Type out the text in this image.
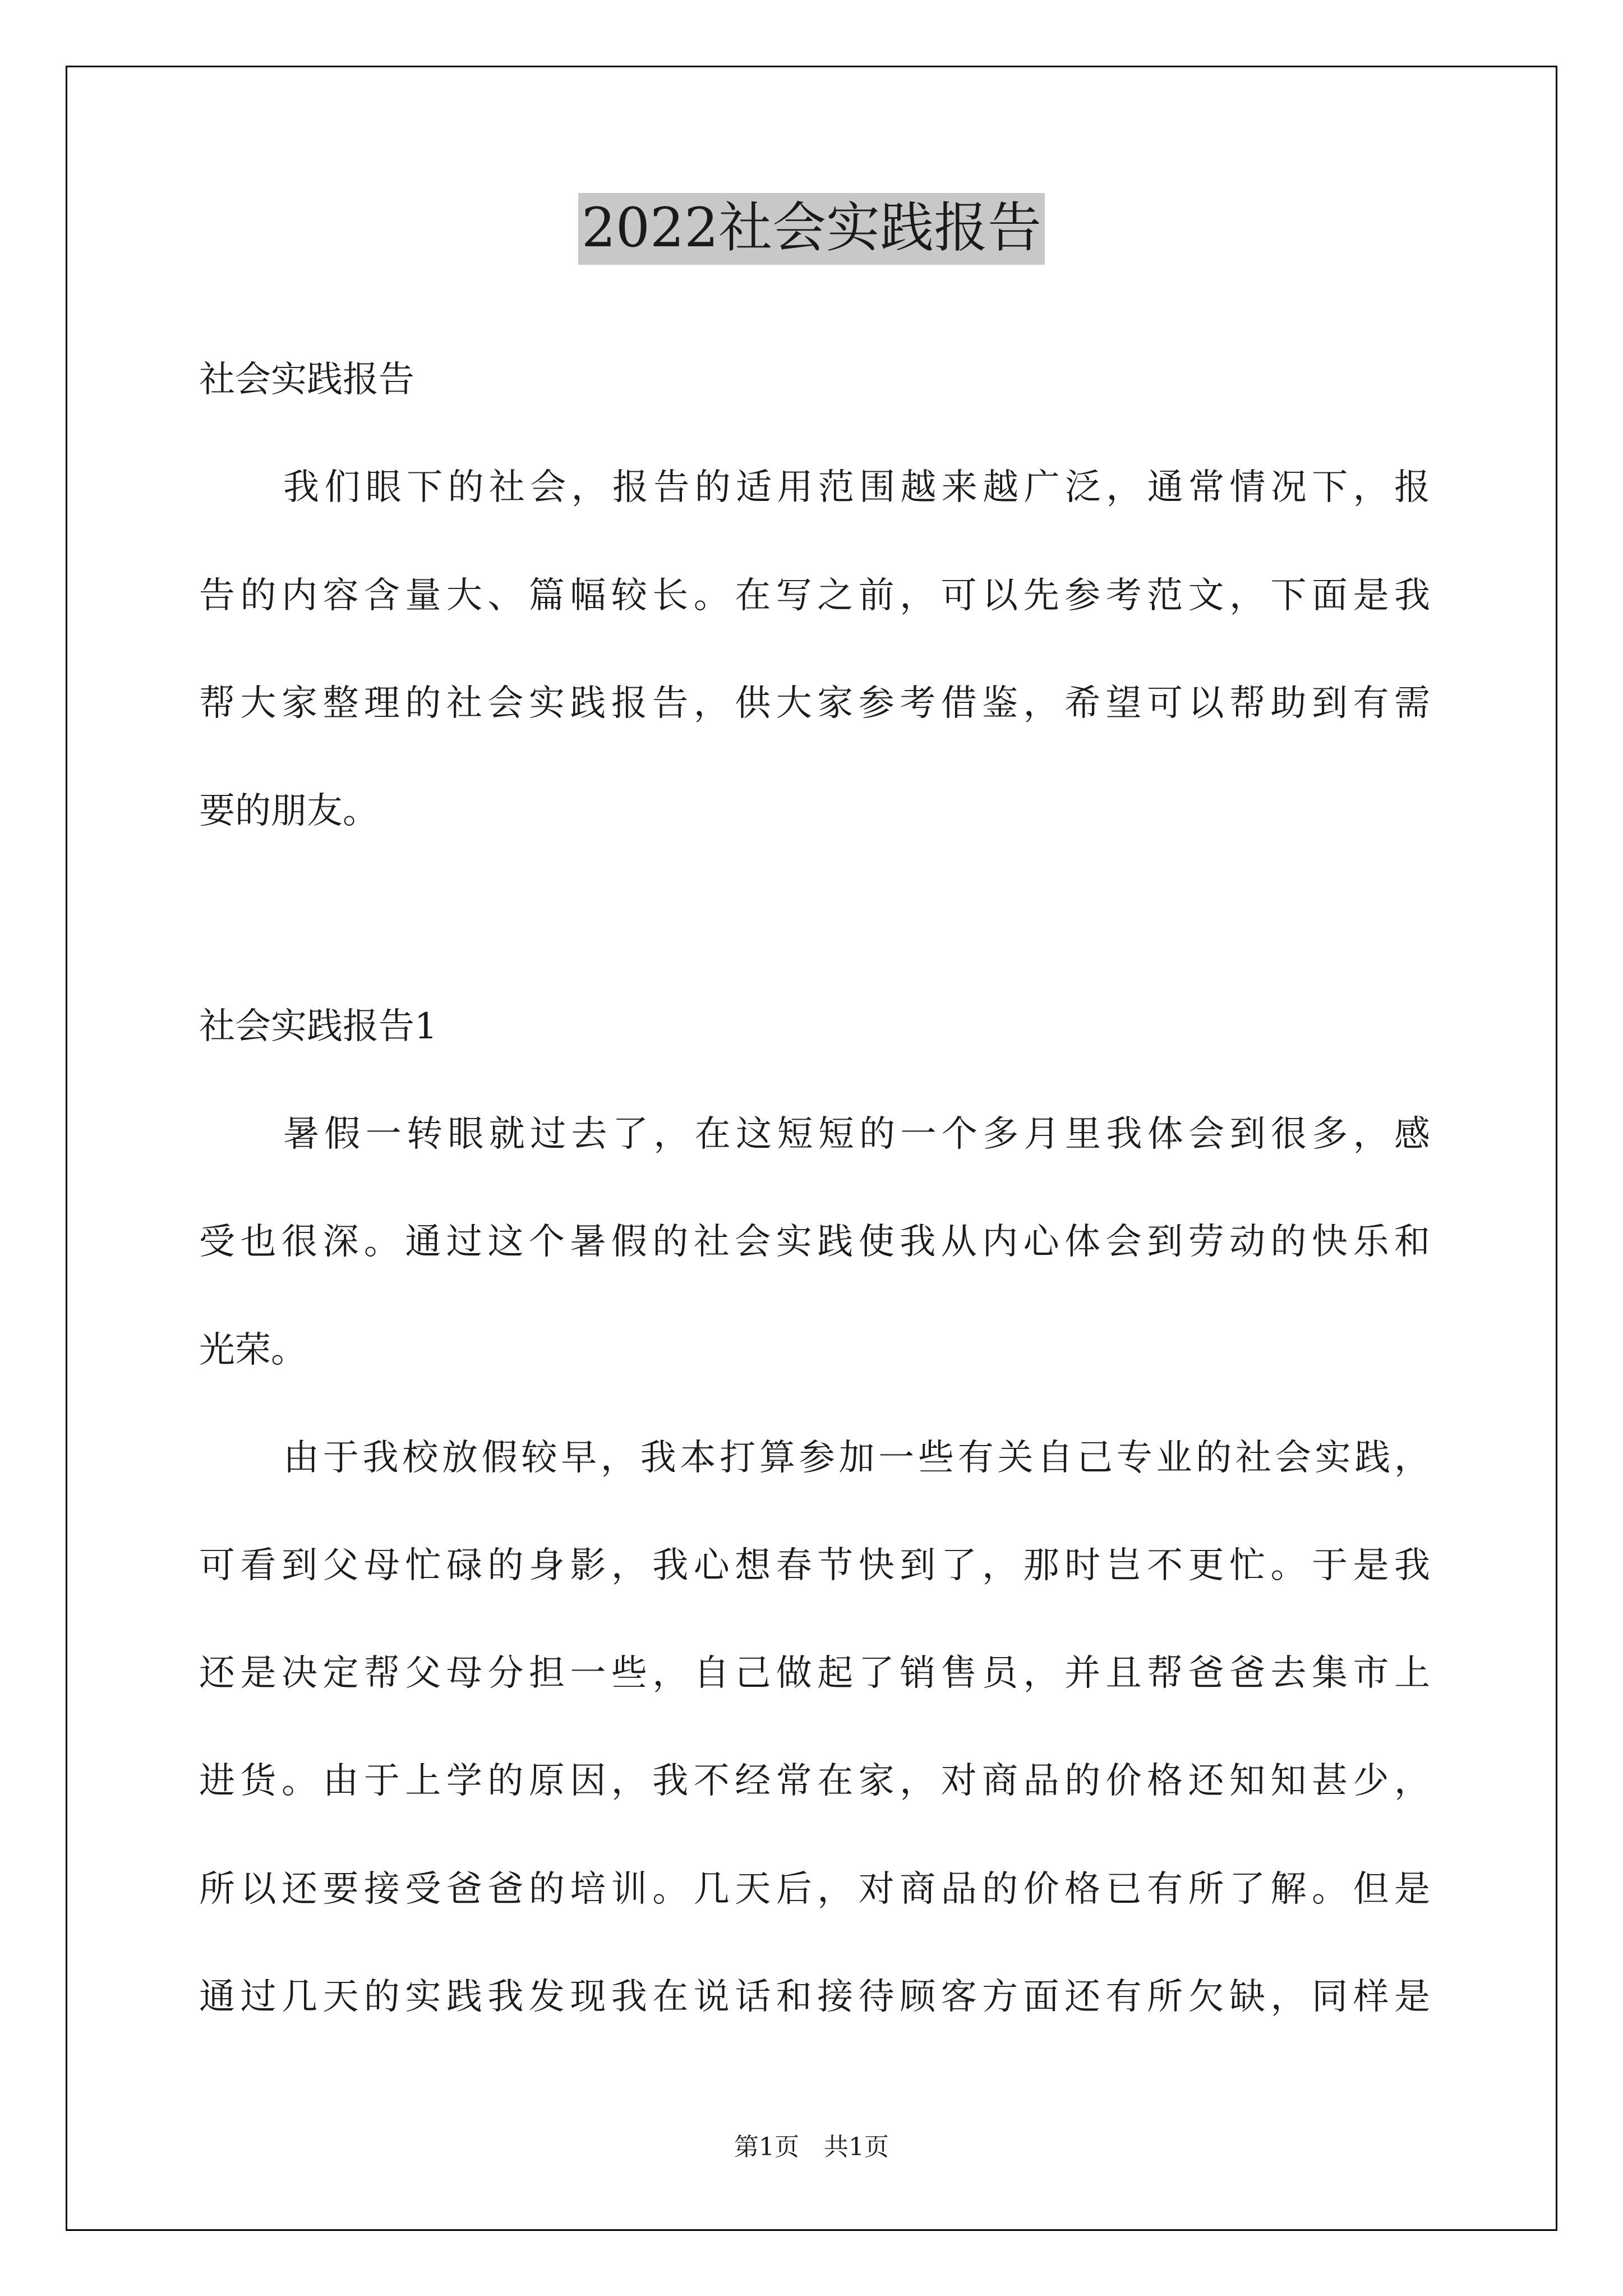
2022社会实践报告
社会实践报告
我们眼下的社会，报告的适用范围越来越广泛，通常情况下，报
告的内容含量大、篇幅较长。在写之前，可以先参考范文，下面是我
帮大家整理的社会实践报告，供大家参考借鉴，希望可以帮助到有需
要的朋友。
社会实践报告1
暑假一转眼就过去了，在这短短的一个多月里我体会到很多，感
受也很深。通过这个暑假的社会实践使我从内心体会到劳动的快乐和
光荣。
由于我校放假较早，我本打算参加一些有关自己专业的社会实践，
可看到父母忙碌的身影，我心想春节快到了，那时岂不更忙。于是我
还是决定帮父母分担一些，自己做起了销售员，并且帮爸爸去集市上
进货。由于上学的原因，我不经常在家，对商品的价格还知知甚少，
所以还要接受爸爸的培训。几天后，对商品的价格已有所了解。但是
通过几天的实践我发现我在说话和接待顾客方面还有所欠缺，同样是
第1页　共1页
